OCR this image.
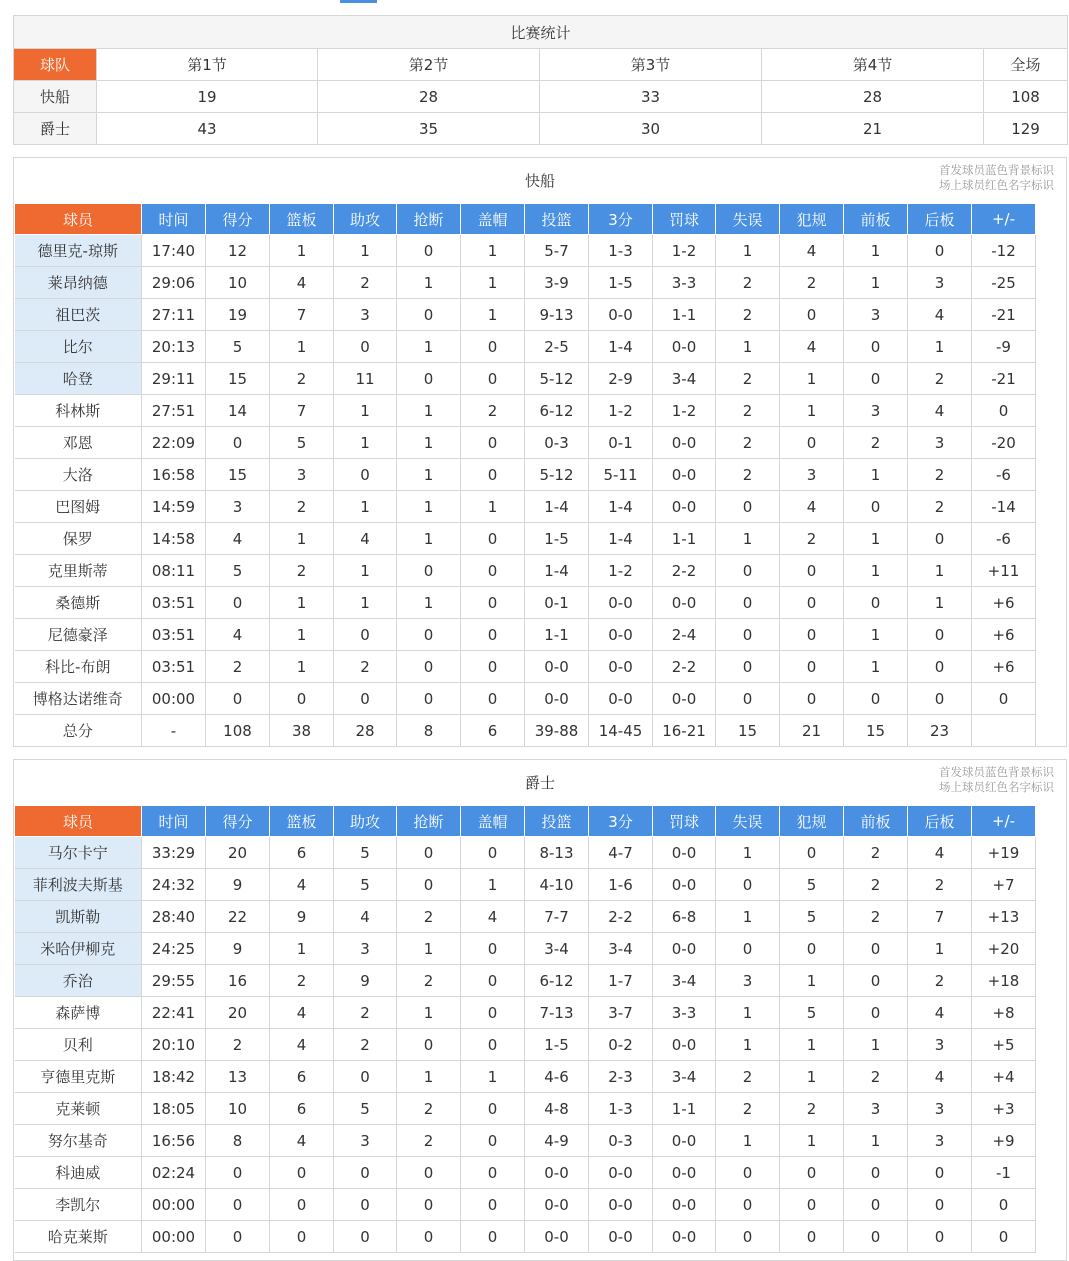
比赛统计					
球队	第1节	第2节	第3节	第4节	全场
快船	19	28	33	28	108
爵士	43	35	30	21	129
快船
首发球员蓝色背景标识
场上球员红色名字标识
球员	时间	得分	篮板	助攻	抢断	盖帽	投篮	3分	罚球	失误	犯规	前板	后板	+/-
德里克-琼斯	17:40	12	1	1	0	1	5-7	1-3	1-2	1	4	1	0	-12
莱昂纳德	29:06	10	4	2	1	1	3-9	1-5	3-3	2	2	1	3	-25
祖巴茨	27:11	19	7	3	0	1	9-13	0-0	1-1	2	0	3	4	-21
比尔	20:13	5	1	0	1	0	2-5	1-4	0-0	1	4	0	1	-9
哈登	29:11	15	2	11	0	0	5-12	2-9	3-4	2	1	0	2	-21
科林斯	27:51	14	7	1	1	2	6-12	1-2	1-2	2	1	3	4	0
邓恩	22:09	0	5	1	1	0	0-3	0-1	0-0	2	0	2	3	-20
大洛	16:58	15	3	0	1	0	5-12	5-11	0-0	2	3	1	2	-6
巴图姆	14:59	3	2	1	1	1	1-4	1-4	0-0	0	4	0	2	-14
保罗	14:58	4	1	4	1	0	1-5	1-4	1-1	1	2	1	0	-6
克里斯蒂	08:11	5	2	1	0	0	1-4	1-2	2-2	0	0	1	1	+11
桑德斯	03:51	0	1	1	1	0	0-1	0-0	0-0	0	0	0	1	+6
尼德豪泽	03:51	4	1	0	0	0	1-1	0-0	2-4	0	0	1	0	+6
科比-布朗	03:51	2	1	2	0	0	0-0	0-0	2-2	0	0	1	0	+6
博格达诺维奇	00:00	0	0	0	0	0	0-0	0-0	0-0	0	0	0	0	0
总分	-	108	38	28	8	6	39-88	14-45	16-21	15	21	15	23	
爵士
首发球员蓝色背景标识
场上球员红色名字标识
球员	时间	得分	篮板	助攻	抢断	盖帽	投篮	3分	罚球	失误	犯规	前板	后板	+/-
马尔卡宁	33:29	20	6	5	0	0	8-13	4-7	0-0	1	0	2	4	+19
菲利波夫斯基	24:32	9	4	5	0	1	4-10	1-6	0-0	0	5	2	2	+7
凯斯勒	28:40	22	9	4	2	4	7-7	2-2	6-8	1	5	2	7	+13
米哈伊柳克	24:25	9	1	3	1	0	3-4	3-4	0-0	0	0	0	1	+20
乔治	29:55	16	2	9	2	0	6-12	1-7	3-4	3	1	0	2	+18
森萨博	22:41	20	4	2	1	0	7-13	3-7	3-3	1	5	0	4	+8
贝利	20:10	2	4	2	0	0	1-5	0-2	0-0	1	1	1	3	+5
亨德里克斯	18:42	13	6	0	1	1	4-6	2-3	3-4	2	1	2	4	+4
克莱顿	18:05	10	6	5	2	0	4-8	1-3	1-1	2	2	3	3	+3
努尔基奇	16:56	8	4	3	2	0	4-9	0-3	0-0	1	1	1	3	+9
科迪威	02:24	0	0	0	0	0	0-0	0-0	0-0	0	0	0	0	-1
李凯尔	00:00	0	0	0	0	0	0-0	0-0	0-0	0	0	0	0	0
哈克莱斯	00:00	0	0	0	0	0	0-0	0-0	0-0	0	0	0	0	0
